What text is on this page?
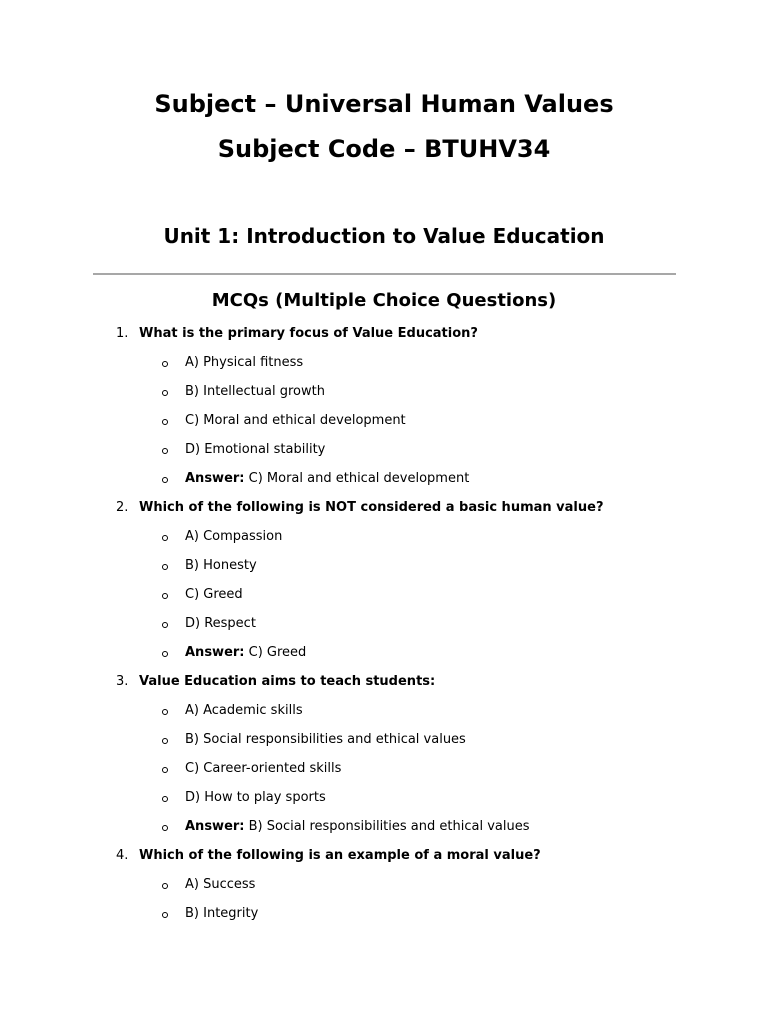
Subject – Universal Human Values
Subject Code – BTUHV34
Unit 1: Introduction to Value Education
MCQs (Multiple Choice Questions)
1. What is the primary focus of Value Education?
A) Physical fitness
B) Intellectual growth
C) Moral and ethical development
D) Emotional stability
Answer: C) Moral and ethical development
2. Which of the following is NOT considered a basic human value?
A) Compassion
B) Honesty
C) Greed
D) Respect
Answer: C) Greed
3. Value Education aims to teach students:
A) Academic skills
B) Social responsibilities and ethical values
C) Career-oriented skills
D) How to play sports
Answer: B) Social responsibilities and ethical values
4. Which of the following is an example of a moral value?
A) Success
B) Integrity
